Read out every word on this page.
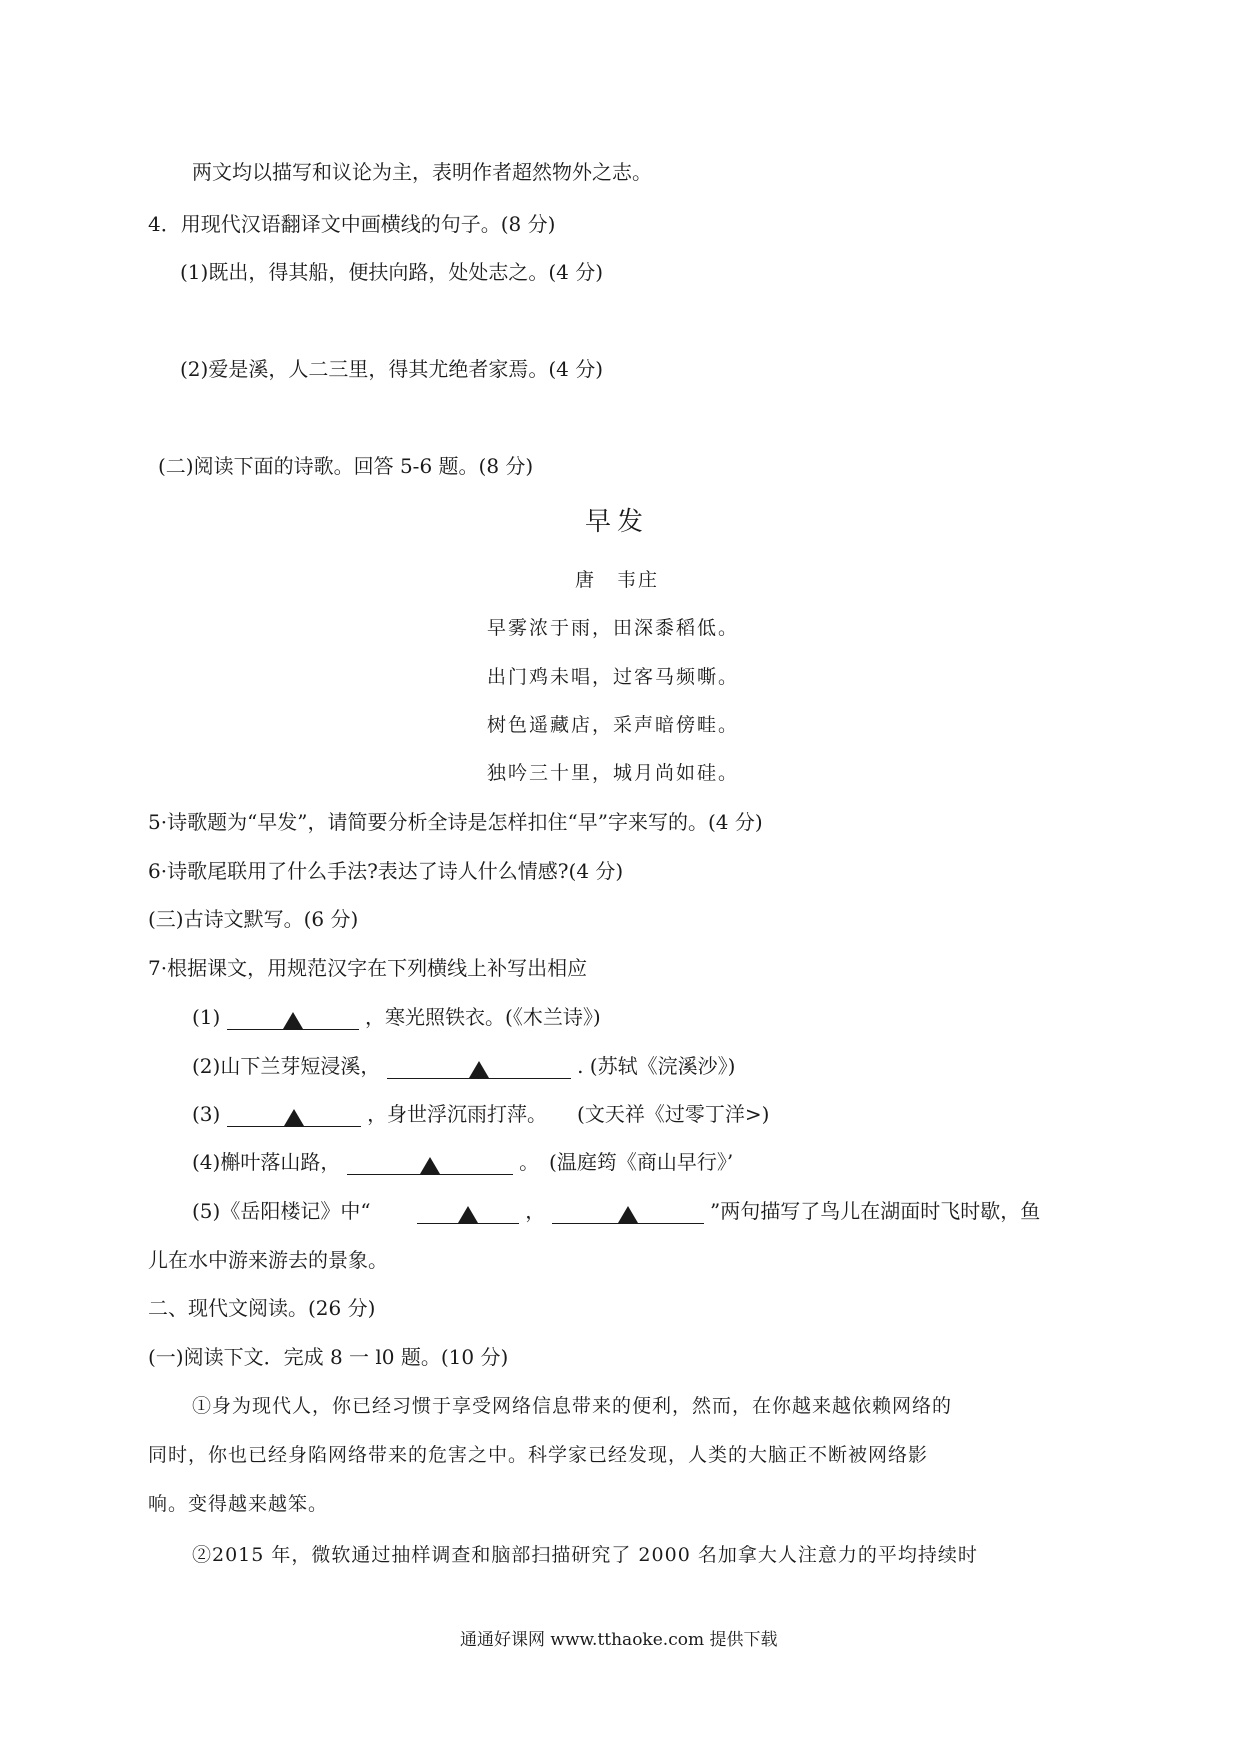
两文均以描写和议论为主，表明作者超然物外之志。
4．用现代汉语翻译文中画横线的句子。(8 分)
(1)既出，得其船，便扶向路，处处志之。(4 分)
(2)爱是溪，人二三里，得其尤绝者家焉。(4 分)
(二)阅读下面的诗歌。回答 5-6 题。(8 分)
早发
唐　韦庄
早雾浓于雨，田深黍稻低。
出门鸡未唱，过客马频嘶。
树色遥藏店，采声暗傍畦。
独吟三十里，城月尚如硅。
5·诗歌题为“早发”，请简要分析全诗是怎样扣住“早”字来写的。(4 分)
6·诗歌尾联用了什么手法?表达了诗人什么情感?(4 分)
(三)古诗文默写。(6 分)
7·根据课文，用规范汉字在下列横线上补写出相应
(1)	，寒光照铁衣。(《木兰诗》)
(2)山下兰芽短浸溪，	. (苏轼《浣溪沙》)
(3)	，身世浮沉雨打萍。　　(文天祥《过零丁洋>)
(4)槲叶落山路，	。　(温庭筠《商山早行》’
(5)《岳阳楼记》中“　　	，	”两句描写了鸟儿在湖面时飞时歇，鱼
儿在水中游来游去的景象。
二、现代文阅读。(26 分)
(一)阅读下文．完成 8 一 l0 题。(10 分)
①身为现代人，你已经习惯于享受网络信息带来的便利，然而，在你越来越依赖网络的
同时，你也已经身陷网络带来的危害之中。科学家已经发现，人类的大脑正不断被网络影
响。变得越来越笨。
②2015 年，微软通过抽样调查和脑部扫描研究了 2000 名加拿大人注意力的平均持续时
通通好课网 www.tthaoke.com 提供下载
